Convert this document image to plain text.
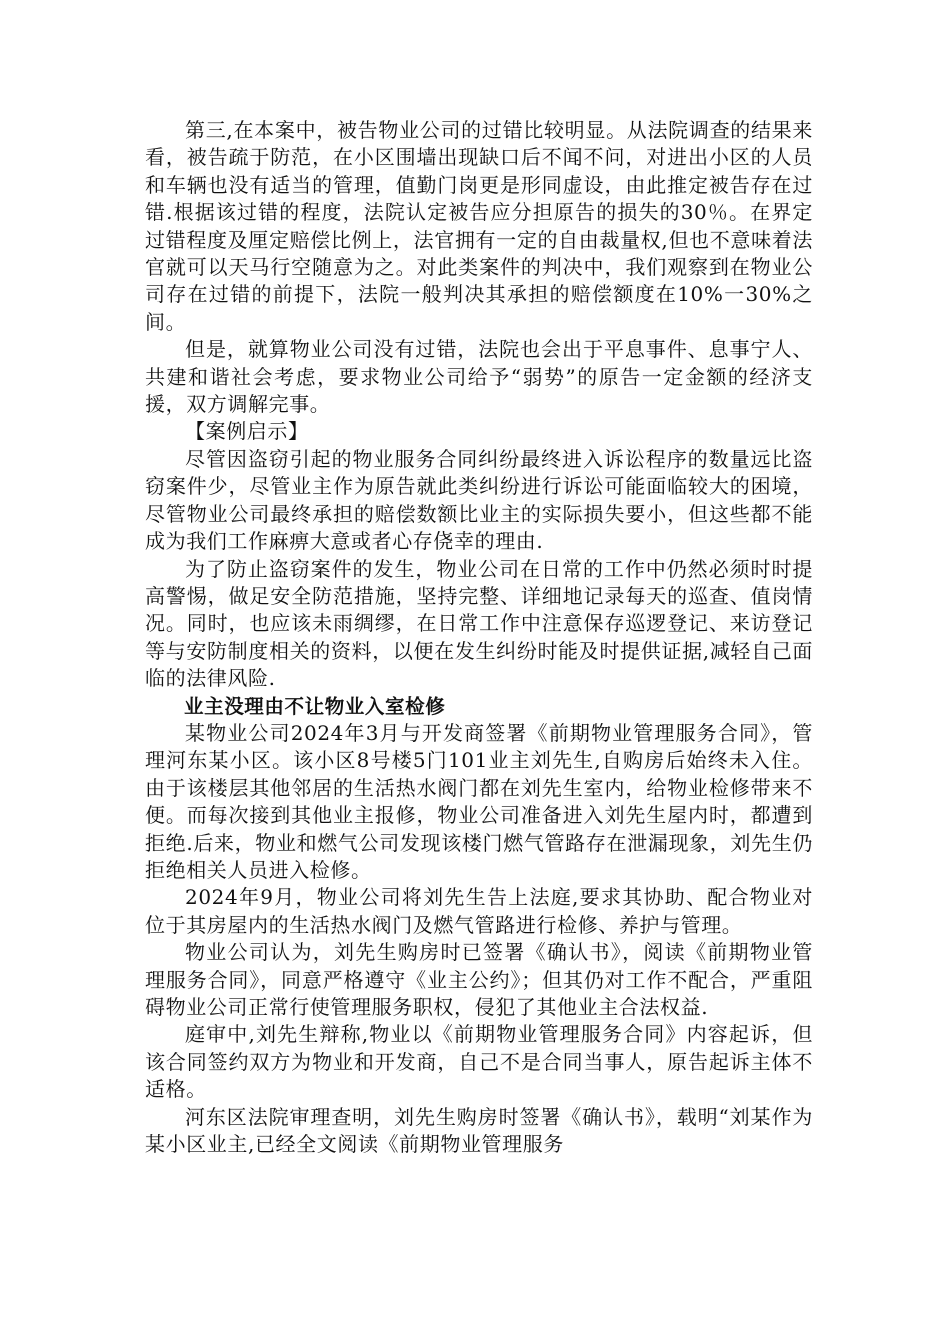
第三,在本案中，被告物业公司的过错比较明显。从法院调查的结果来看，被告疏于防范，在小区围墙出现缺口后不闻不问，对进出小区的人员和车辆也没有适当的管理，值勤门岗更是形同虚设，由此推定被告存在过错.根据该过错的程度，法院认定被告应分担原告的损失的30％。在界定过错程度及厘定赔偿比例上，法官拥有一定的自由裁量权,但也不意味着法官就可以天马行空随意为之。对此类案件的判决中，我们观察到在物业公司存在过错的前提下，法院一般判决其承担的赔偿额度在10%一30%之间。

但是，就算物业公司没有过错，法院也会出于平息事件、息事宁人、共建和谐社会考虑，要求物业公司给予“弱势”的原告一定金额的经济支援，双方调解完事。

【案例启示】

尽管因盗窃引起的物业服务合同纠纷最终进入诉讼程序的数量远比盗窃案件少，尽管业主作为原告就此类纠纷进行诉讼可能面临较大的困境，尽管物业公司最终承担的赔偿数额比业主的实际损失要小，但这些都不能成为我们工作麻痹大意或者心存侥幸的理由.

为了防止盗窃案件的发生，物业公司在日常的工作中仍然必须时时提高警惕，做足安全防范措施，坚持完整、详细地记录每天的巡查、值岗情况。同时，也应该未雨绸缪，在日常工作中注意保存巡逻登记、来访登记等与安防制度相关的资料，以便在发生纠纷时能及时提供证据,减轻自己面临的法律风险.

业主没理由不让物业入室检修

某物业公司2024年3月与开发商签署《前期物业管理服务合同》，管理河东某小区。该小区8号楼5门101业主刘先生,自购房后始终未入住。由于该楼层其他邻居的生活热水阀门都在刘先生室内，给物业检修带来不便。而每次接到其他业主报修，物业公司准备进入刘先生屋内时，都遭到拒绝.后来，物业和燃气公司发现该楼门燃气管路存在泄漏现象，刘先生仍拒绝相关人员进入检修。

2024年9月，物业公司将刘先生告上法庭,要求其协助、配合物业对位于其房屋内的生活热水阀门及燃气管路进行检修、养护与管理。

物业公司认为，刘先生购房时已签署《确认书》，阅读《前期物业管理服务合同》，同意严格遵守《业主公约》；但其仍对工作不配合，严重阻碍物业公司正常行使管理服务职权，侵犯了其他业主合法权益.

庭审中,刘先生辩称,物业以《前期物业管理服务合同》内容起诉，但该合同签约双方为物业和开发商，自己不是合同当事人，原告起诉主体不适格。

河东区法院审理查明，刘先生购房时签署《确认书》，载明“刘某作为某小区业主,已经全文阅读《前期物业管理服务
